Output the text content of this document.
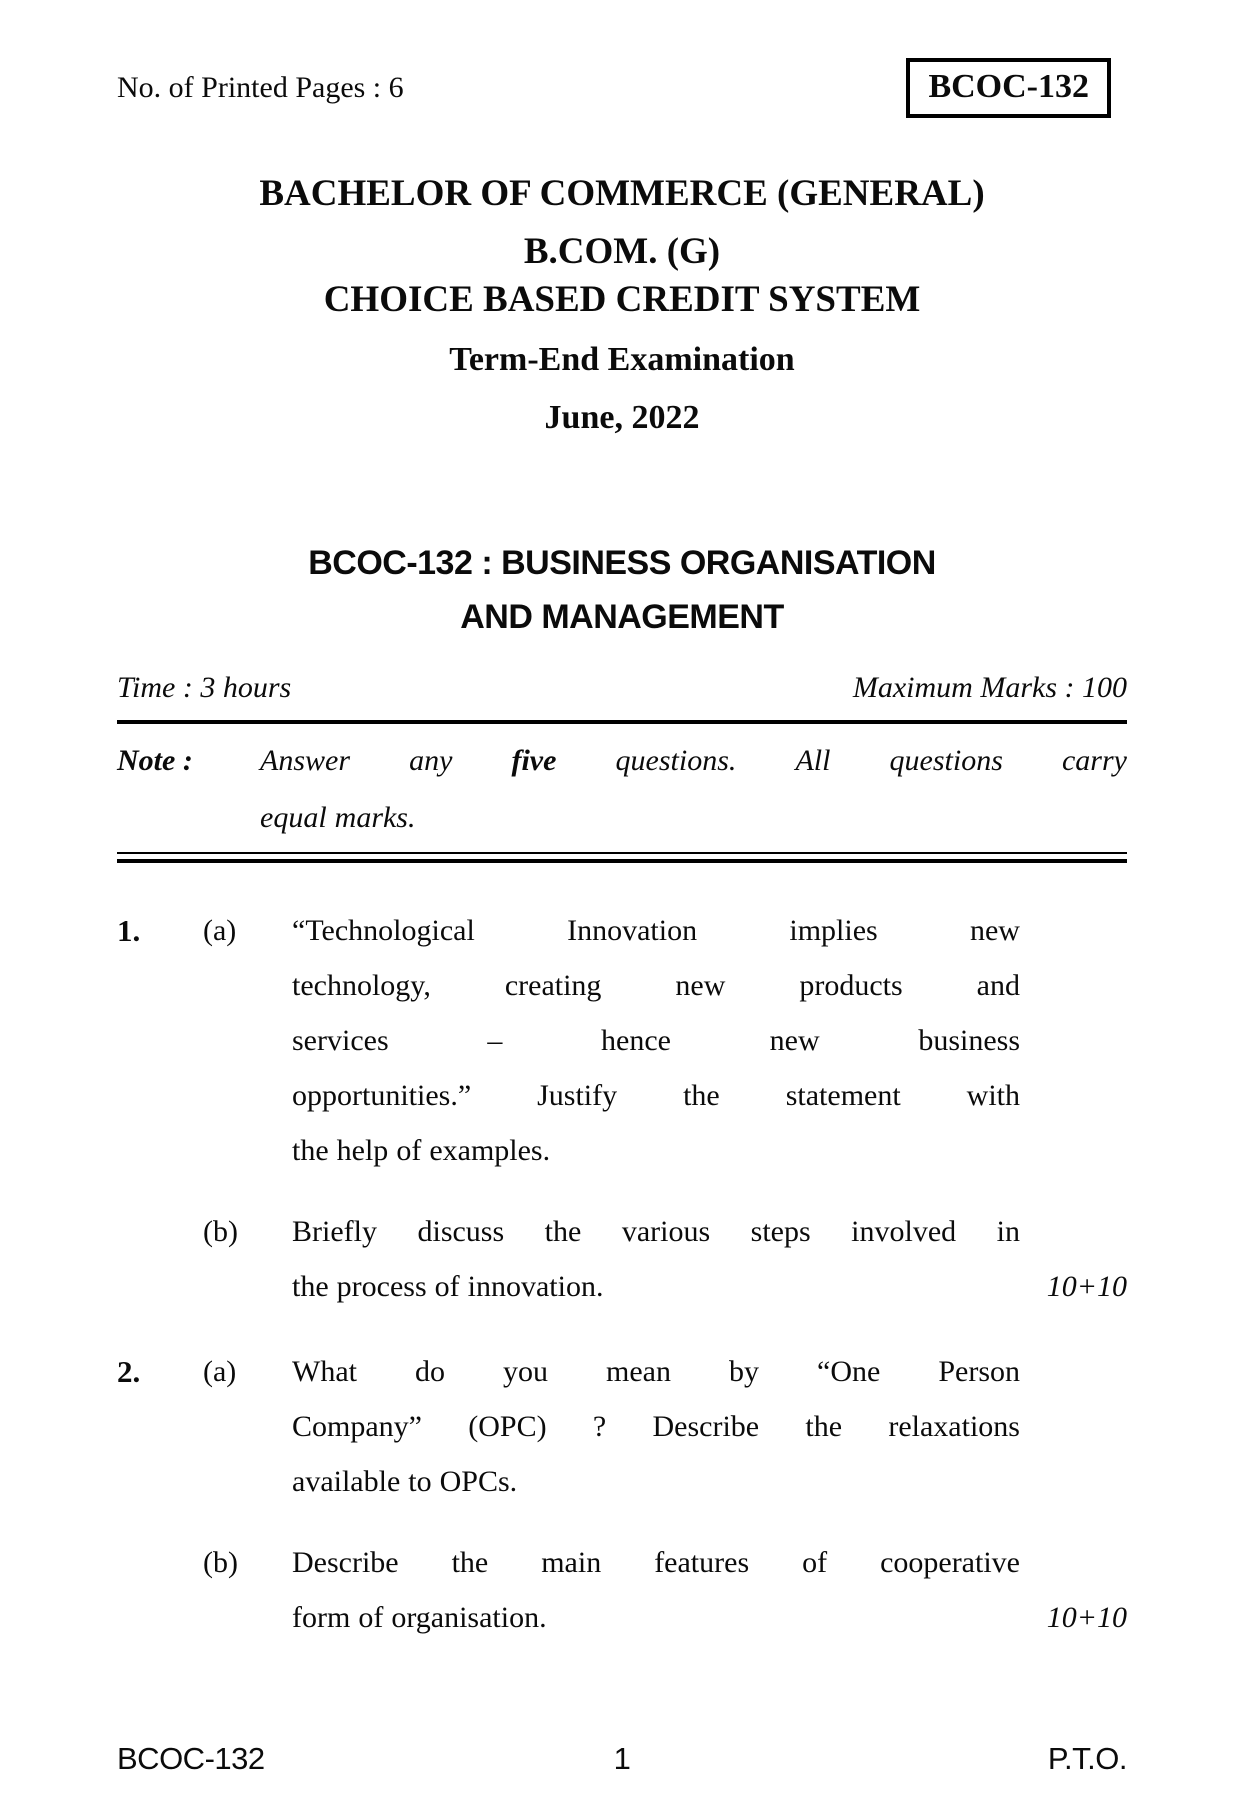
No. of Printed Pages : 6	BCOC-132
BACHELOR OF COMMERCE (GENERAL)
B.COM. (G)
CHOICE BASED CREDIT SYSTEM
Term-End Examination
June, 2022
BCOC-132 : BUSINESS ORGANISATION
AND MANAGEMENT
Time : 3 hours	Maximum Marks : 100
Note :	Answer any five questions. All questions carry
equal marks.
1.	(a)	“Technological	Innovation	implies	new
technology, creating new products and
services	–	hence	new	business
opportunities.” Justify the statement with
the help of examples.
(b)	Briefly discuss the various steps involved in
the process of innovation.	10+10
2.	(a)	What do you mean by “One Person
Company” (OPC) ? Describe the relaxations
available to OPCs.
(b)	Describe the main features of cooperative
form of organisation.	10+10
BCOC-132	1	P.T.O.
